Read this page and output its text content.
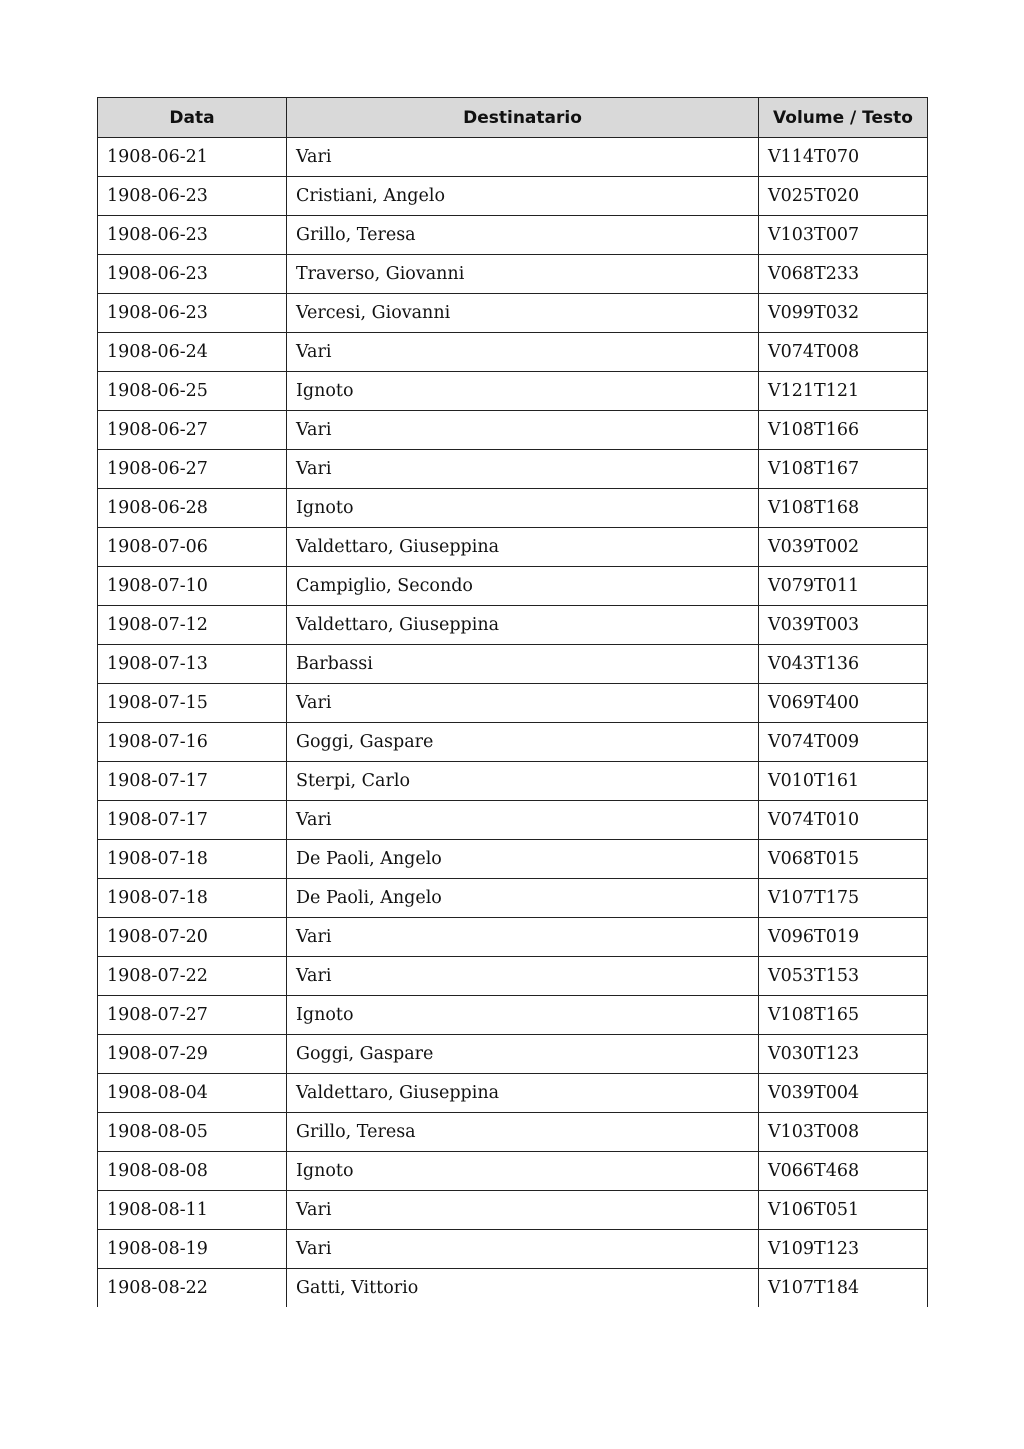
Data	Destinatario	Volume / Testo
1908-06-21	Vari	V114T070
1908-06-23	Cristiani, Angelo	V025T020
1908-06-23	Grillo, Teresa	V103T007
1908-06-23	Traverso, Giovanni	V068T233
1908-06-23	Vercesi, Giovanni	V099T032
1908-06-24	Vari	V074T008
1908-06-25	Ignoto	V121T121
1908-06-27	Vari	V108T166
1908-06-27	Vari	V108T167
1908-06-28	Ignoto	V108T168
1908-07-06	Valdettaro, Giuseppina	V039T002
1908-07-10	Campiglio, Secondo	V079T011
1908-07-12	Valdettaro, Giuseppina	V039T003
1908-07-13	Barbassi	V043T136
1908-07-15	Vari	V069T400
1908-07-16	Goggi, Gaspare	V074T009
1908-07-17	Sterpi, Carlo	V010T161
1908-07-17	Vari	V074T010
1908-07-18	De Paoli, Angelo	V068T015
1908-07-18	De Paoli, Angelo	V107T175
1908-07-20	Vari	V096T019
1908-07-22	Vari	V053T153
1908-07-27	Ignoto	V108T165
1908-07-29	Goggi, Gaspare	V030T123
1908-08-04	Valdettaro, Giuseppina	V039T004
1908-08-05	Grillo, Teresa	V103T008
1908-08-08	Ignoto	V066T468
1908-08-11	Vari	V106T051
1908-08-19	Vari	V109T123
1908-08-22	Gatti, Vittorio	V107T184
